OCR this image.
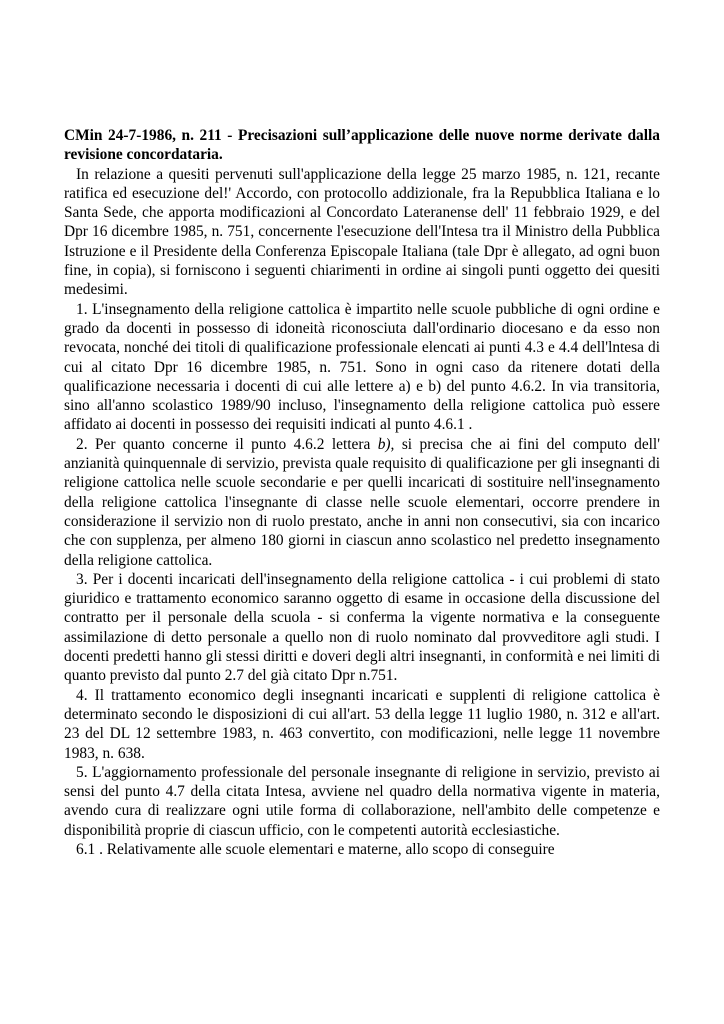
CMin 24-7-1986, n. 211 - Precisazioni sull’applicazione delle nuove norme derivate dalla revisione concordataria.

In relazione a quesiti pervenuti sull'applicazione della legge 25 marzo 1985, n. 121, recante ratifica ed esecuzione del!' Accordo, con protocollo addizionale, fra la Repubblica Italiana e lo Santa Sede, che apporta modificazioni al Concordato Lateranense dell' 11 febbraio 1929, e del Dpr 16 dicembre 1985, n. 751, concernente l'esecuzione dell'Intesa tra il Ministro della Pubblica Istruzione e il Presidente della Conferenza Episcopale Italiana (tale Dpr è allegato, ad ogni buon fine, in copia), si forniscono i seguenti chiarimenti in ordine ai singoli punti oggetto dei quesiti medesimi.

1. L'insegnamento della religione cattolica è impartito nelle scuole pubbliche di ogni ordine e grado da docenti in possesso di idoneità riconosciuta dall'ordinario diocesano e da esso non revocata, nonché dei titoli di qualificazione professionale elencati ai punti 4.3 e 4.4 dell'lntesa di cui al citato Dpr 16 dicembre 1985, n. 751. Sono in ogni caso da ritenere dotati della qualificazione necessaria i docenti di cui alle lettere a) e b) del punto 4.6.2. In via transitoria, sino all'anno scolastico 1989/90 incluso, l'insegnamento della religione cattolica può essere affidato ai docenti in possesso dei requisiti indicati al punto 4.6.1 .

2. Per quanto concerne il punto 4.6.2 lettera b), si precisa che ai fini del computo dell' anzianità quinquennale di servizio, prevista quale requisito di qualificazione per gli insegnanti di religione cattolica nelle scuole secondarie e per quelli incaricati di sostituire nell'insegnamento della religione cattolica l'insegnante di classe nelle scuole elementari, occorre prendere in considerazione il servizio non di ruolo prestato, anche in anni non consecutivi, sia con incarico che con supplenza, per almeno 180 giorni in ciascun anno scolastico nel predetto insegnamento della religione cattolica.

3. Per i docenti incaricati dell'insegnamento della religione cattolica - i cui problemi di stato giuridico e trattamento economico saranno oggetto di esame in occasione della discussione del contratto per il personale della scuola - si conferma la vigente normativa e la conseguente assimilazione di detto personale a quello non di ruolo nominato dal provveditore agli studi. I docenti predetti hanno gli stessi diritti e doveri degli altri insegnanti, in conformità e nei limiti di quanto previsto dal punto 2.7 del già citato Dpr n.751.

4. Il trattamento economico degli insegnanti incaricati e supplenti di religione cattolica è determinato secondo le disposizioni di cui all'art. 53 della legge 11 luglio 1980, n. 312 e all'art. 23 del DL 12 settembre 1983, n. 463 convertito, con modificazioni, nelle legge 11 novembre 1983, n. 638.

5. L'aggiornamento professionale del personale insegnante di religione in servizio, previsto ai sensi del punto 4.7 della citata Intesa, avviene nel quadro della normativa vigente in materia, avendo cura di realizzare ogni utile forma di collaborazione, nell'ambito delle competenze e disponibilità proprie di ciascun ufficio, con le competenti autorità ecclesiastiche.

6.1 . Relativamente alle scuole elementari e materne, allo scopo di conseguire
